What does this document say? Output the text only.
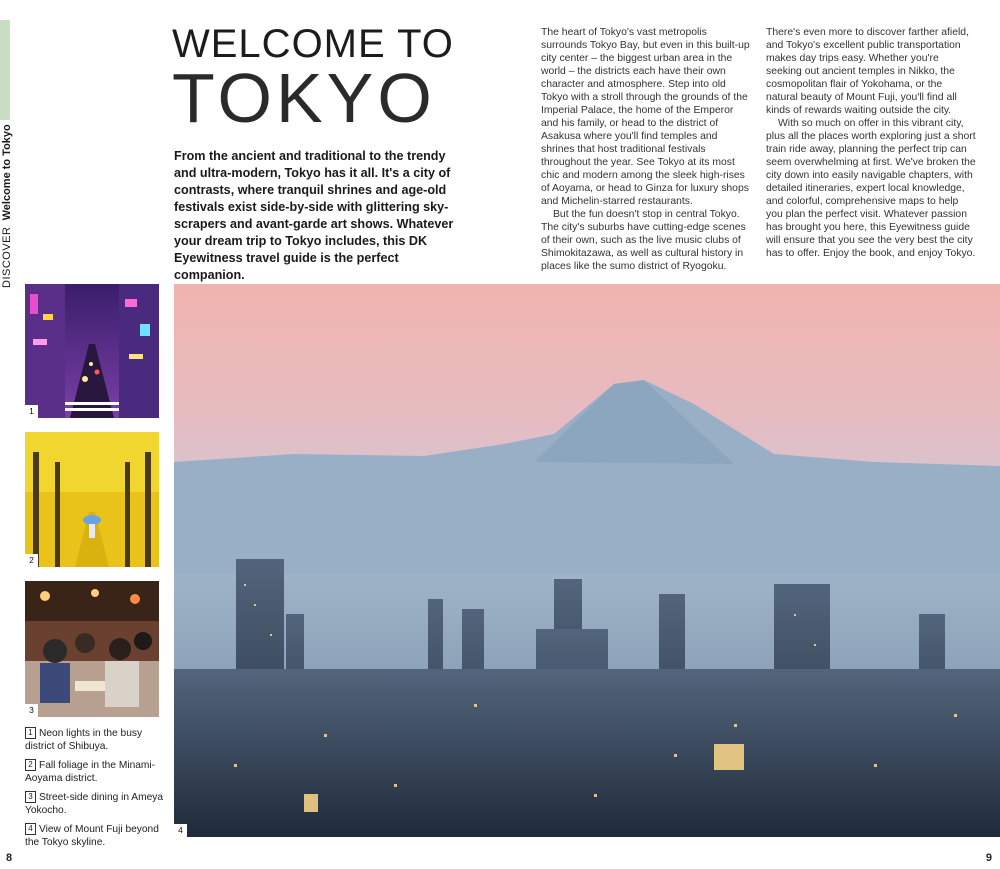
DISCOVER  Welcome to Tokyo
WELCOME TO
TOKYO
From the ancient and traditional to the trendy and ultra-modern, Tokyo has it all. It's a city of contrasts, where tranquil shrines and age-old festivals exist side-by-side with glittering sky-scrapers and avant-garde art shows. Whatever your dream trip to Tokyo includes, this DK Eyewitness travel guide is the perfect companion.

The heart of Tokyo's vast metropolis surrounds Tokyo Bay, but even in this built-up city center – the biggest urban area in the world – the districts each have their own character and atmosphere. Step into old Tokyo with a stroll through the grounds of the Imperial Palace, the home of the Emperor and his family, or head to the district of Asakusa where you'll find temples and shrines that host traditional festivals throughout the year. See Tokyo at its most chic and modern among the sleek high-rises of Aoyama, or head to Ginza for luxury shops and Michelin-starred restaurants.

But the fun doesn't stop in central Tokyo. The city's suburbs have cutting-edge scenes of their own, such as the live music clubs of Shimokitazawa, as well as cultural history in places like the sumo district of Ryogoku.

There's even more to discover farther afield, and Tokyo's excellent public transportation makes day trips easy. Whether you're seeking out ancient temples in Nikko, the cosmopolitan flair of Yokohama, or the natural beauty of Mount Fuji, you'll find all kinds of rewards waiting outside the city.

With so much on offer in this vibrant city, plus all the places worth exploring just a short train ride away, planning the perfect trip can seem overwhelming at first. We've broken the city down into easily navigable chapters, with detailed itineraries, expert local knowledge, and colorful, comprehensive maps to help you plan the perfect visit. Whatever passion has brought you here, this Eyewitness guide will ensure that you see the very best the city has to offer. Enjoy the book, and enjoy Tokyo.

1
2
3
1 Neon lights in the busy district of Shibuya.
2 Fall foliage in the Minami-Aoyama district.
3 Street-side dining in Ameya Yokocho.
4 View of Mount Fuji beyond the Tokyo skyline.
4
8	9
